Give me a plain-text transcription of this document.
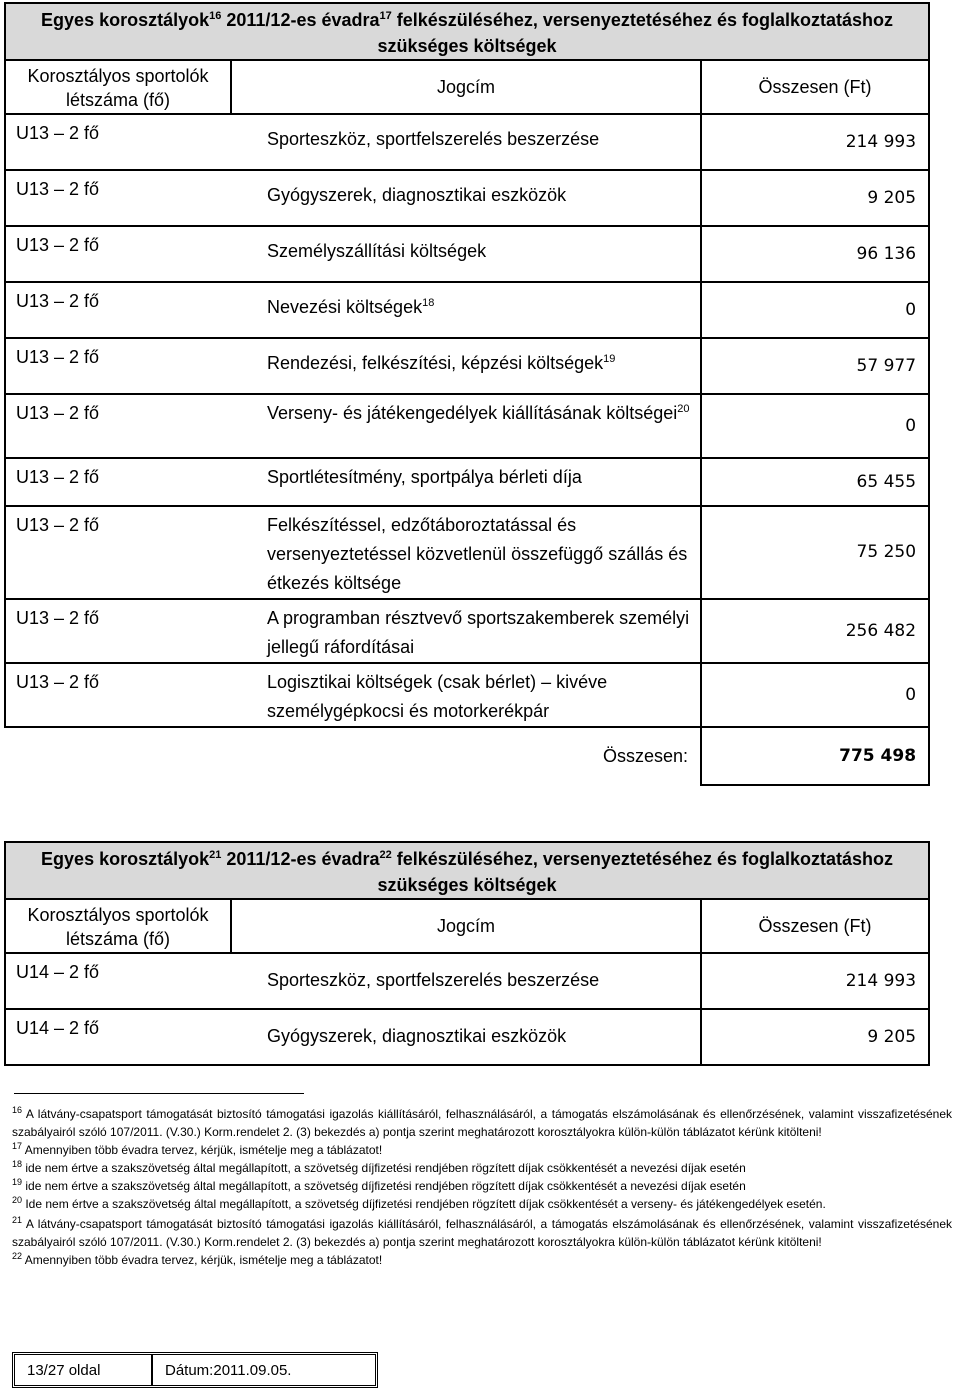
Egyes korosztályok$^{16}$ 2011/12-es évadra$^{17}$ felkészüléséhez, versenyeztetéséhez és foglalkoztatáshoz szükséges költségek		
Korosztályos sportolók létszáma (fő)	Jogcím	Összesen (Ft)
U13 – 2 fő	Sporteszköz, sportfelszerelés beszerzése	214 993
U13 – 2 fő	Gyógyszerek, diagnosztikai eszközök	9 205
U13 – 2 fő	Személyszállítási költségek	96 136
U13 – 2 fő	Nevezési költségek$^{18}$	0
U13 – 2 fő	Rendezési, felkészítési, képzési költségek$^{19}$	57 977
U13 – 2 fő	Verseny- és játékengedélyek kiállításának költségei$^{20}$	0
U13 – 2 fő	Sportlétesítmény, sportpálya bérleti díja	65 455
U13 – 2 fő	Felkészítéssel, edzőtáboroztatással és versenyeztetéssel közvetlenül összefüggő szállás és étkezés költsége	75 250
U13 – 2 fő	A programban résztvevő sportszakemberek személyi jellegű ráfordításai	256 482
U13 – 2 fő	Logisztikai költségek (csak bérlet) – kivéve személygépkocsi és motorkerékpár	0
	Összesen:	775 498
Egyes korosztályok$^{21}$ 2011/12-es évadra$^{22}$ felkészüléséhez, versenyeztetéséhez és foglalkoztatáshoz szükséges költségek		
Korosztályos sportolók létszáma (fő)	Jogcím	Összesen (Ft)
U14 – 2 fő	Sporteszköz, sportfelszerelés beszerzése	214 993
U14 – 2 fő	Gyógyszerek, diagnosztikai eszközök	9 205

$^{16}$ A látvány-csapatsport támogatását biztosító támogatási igazolás kiállításáról, felhasználásáról, a támogatás elszámolásának és ellenőrzésének, valamint visszafizetésének szabályairól szóló 107/2011. (V.30.) Korm.rendelet 2. (3) bekezdés a) pontja szerint meghatározott korosztályokra külön-külön táblázatot kérünk kitölteni!

$^{17}$ Amennyiben több évadra tervez, kérjük, ismételje meg a táblázatot!

$^{18}$ ide nem értve a szakszövetség által megállapított, a szövetség díjfizetési rendjében rögzített díjak csökkentését a nevezési díjak esetén

$^{19}$ ide nem értve a szakszövetség által megállapított, a szövetség díjfizetési rendjében rögzített díjak csökkentését a nevezési díjak esetén

$^{20}$ Ide nem értve a szakszövetség által megállapított, a szövetség díjfizetési rendjében rögzített díjak csökkentését a verseny- és játékengedélyek esetén.

$^{21}$ A látvány-csapatsport támogatását biztosító támogatási igazolás kiállításáról, felhasználásáról, a támogatás elszámolásának és ellenőrzésének, valamint visszafizetésének szabályairól szóló 107/2011. (V.30.) Korm.rendelet 2. (3) bekezdés a) pontja szerint meghatározott korosztályokra külön-külön táblázatot kérünk kitölteni!

$^{22}$ Amennyiben több évadra tervez, kérjük, ismételje meg a táblázatot!

13/27 oldal	Dátum:2011.09.05.
